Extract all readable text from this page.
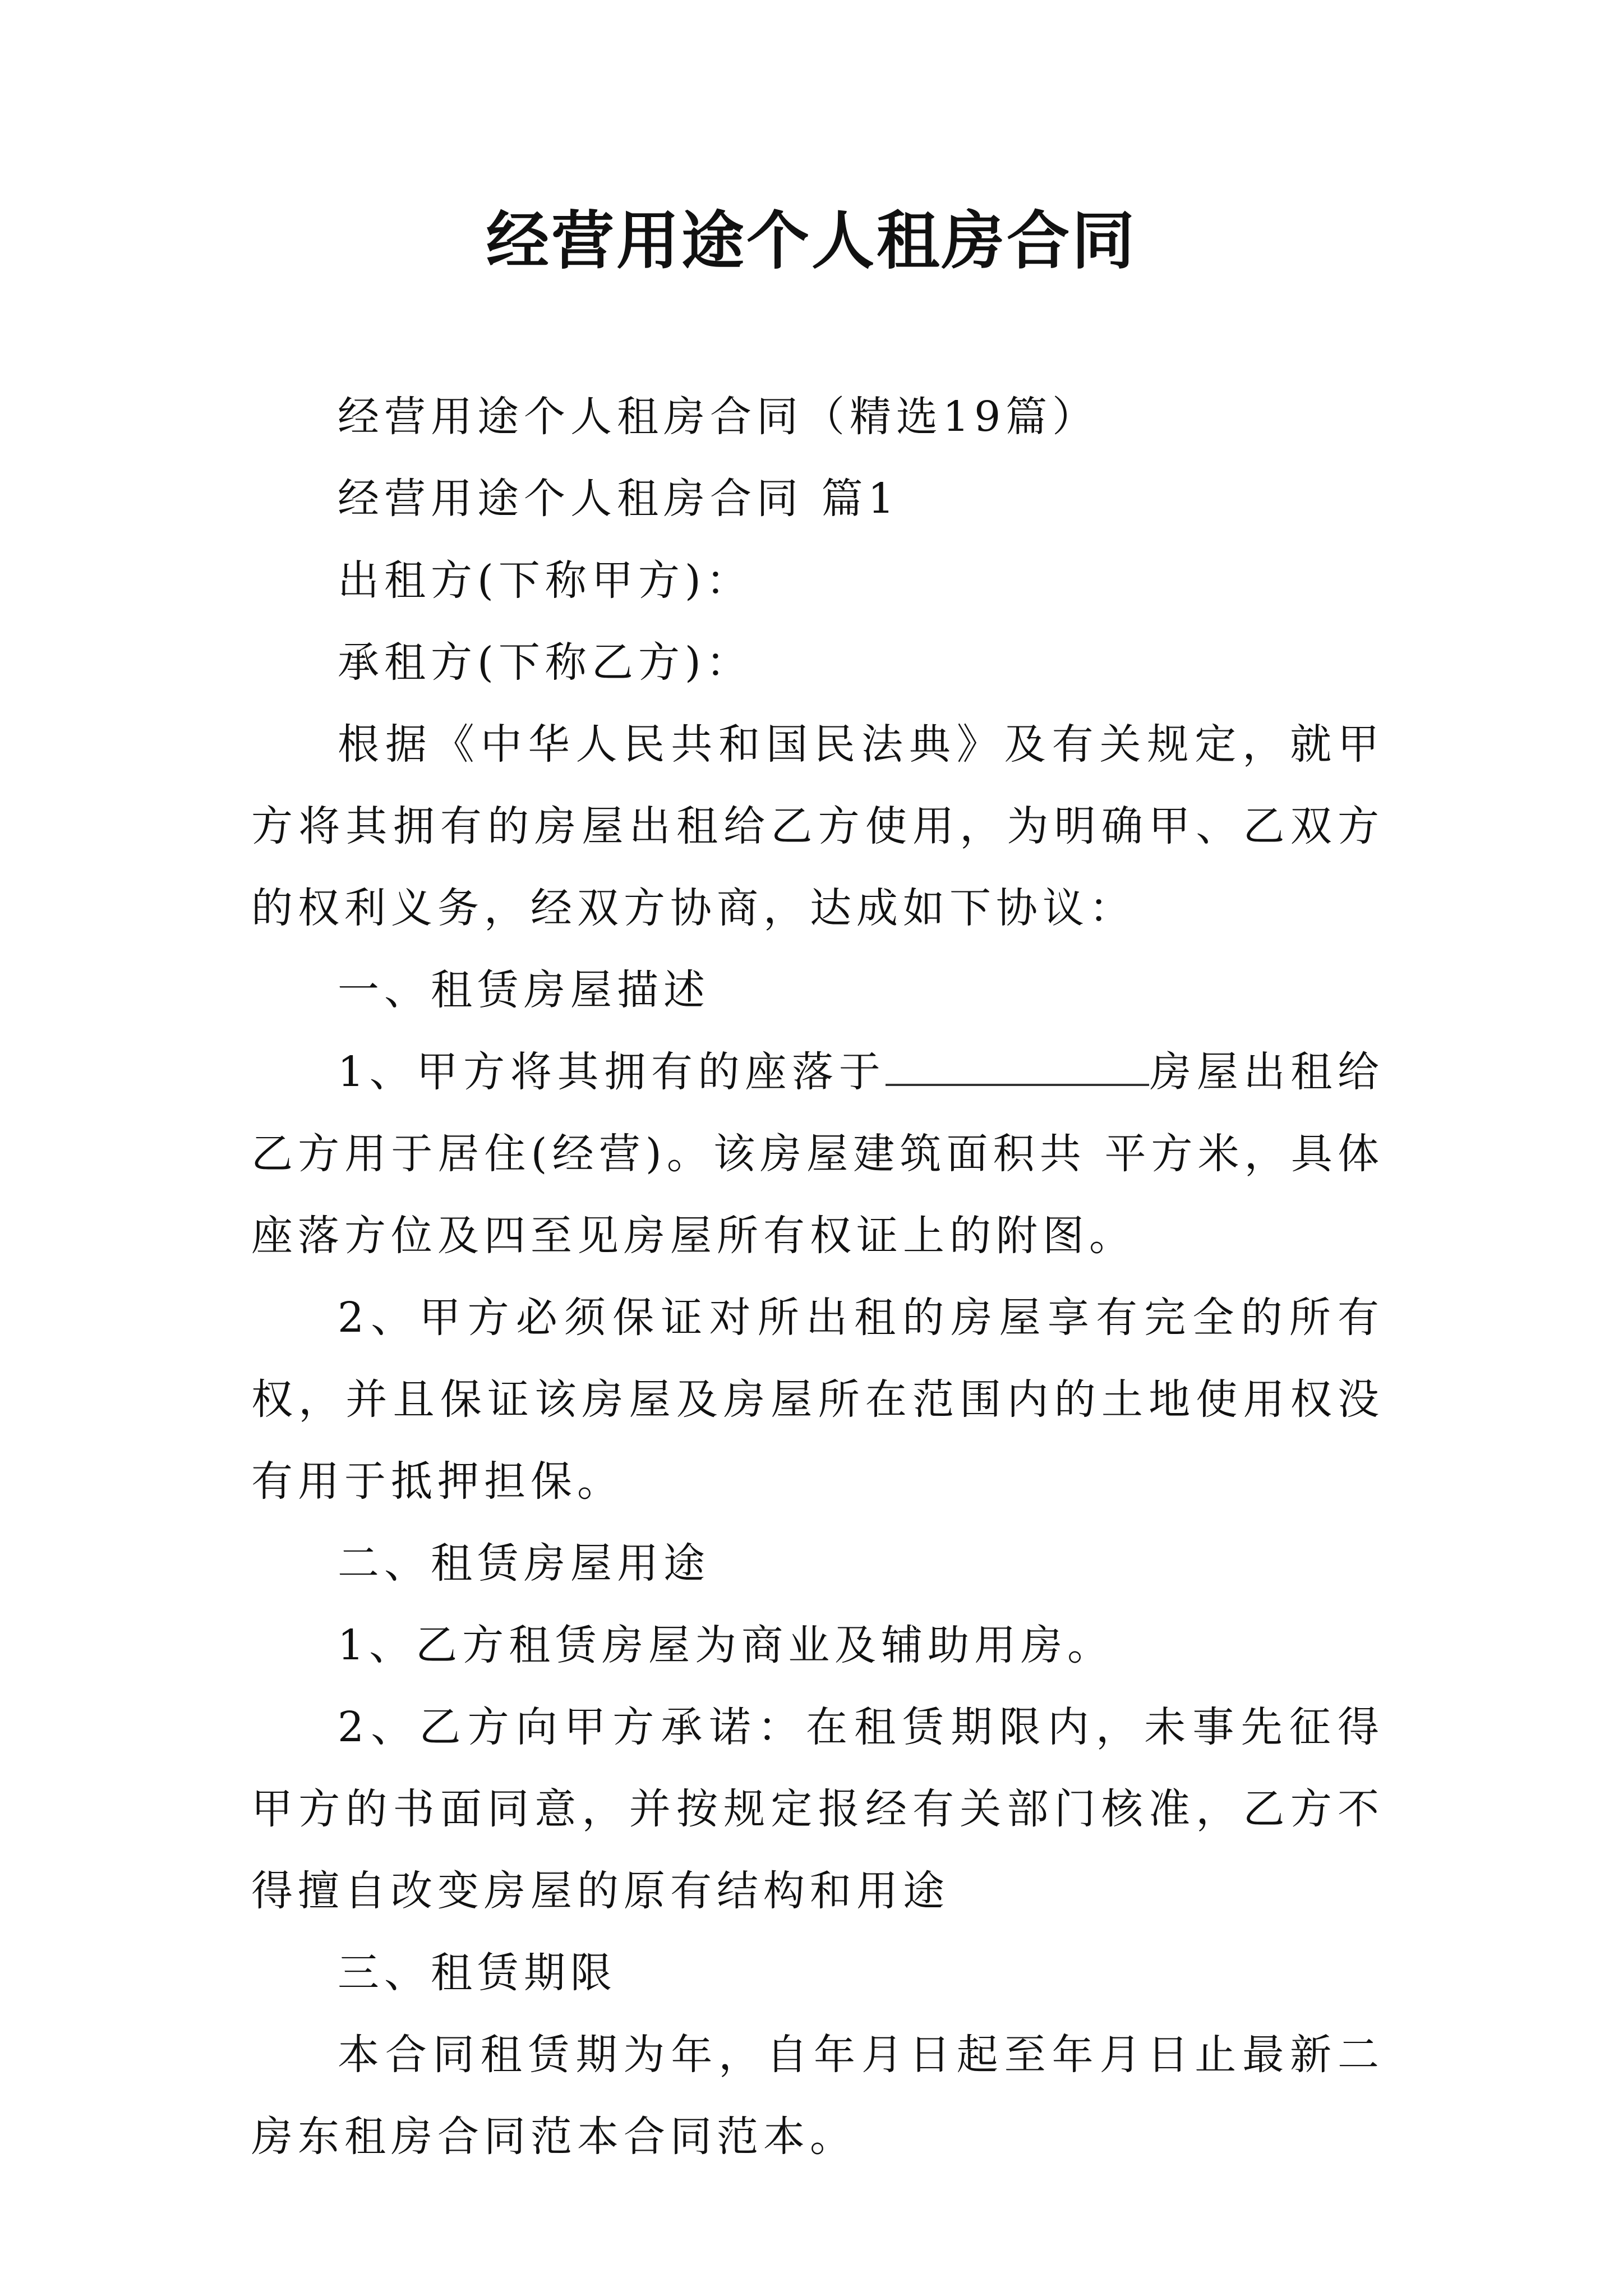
经营用途个人租房合同

经营用途个人租房合同（精选19篇）

经营用途个人租房合同 篇1

出租方(下称甲方)：

承租方(下称乙方)：

根据《中华人民共和国民法典》及有关规定，就甲方将其拥有的房屋出租给乙方使用，为明确甲、乙双方的权利义务，经双方协商，达成如下协议：

一、租赁房屋描述

1、甲方将其拥有的座落于	房屋出租给乙方用于居住(经营)。该房屋建筑面积共 平方米，具体座落方位及四至见房屋所有权证上的附图。

2、甲方必须保证对所出租的房屋享有完全的所有权，并且保证该房屋及房屋所在范围内的土地使用权没有用于抵押担保。

二、租赁房屋用途

1、乙方租赁房屋为商业及辅助用房。

2、乙方向甲方承诺：在租赁期限内，未事先征得甲方的书面同意，并按规定报经有关部门核准，乙方不得擅自改变房屋的原有结构和用途

三、租赁期限

本合同租赁期为年，自年月日起至年月日止最新二房东租房合同范本合同范本。
